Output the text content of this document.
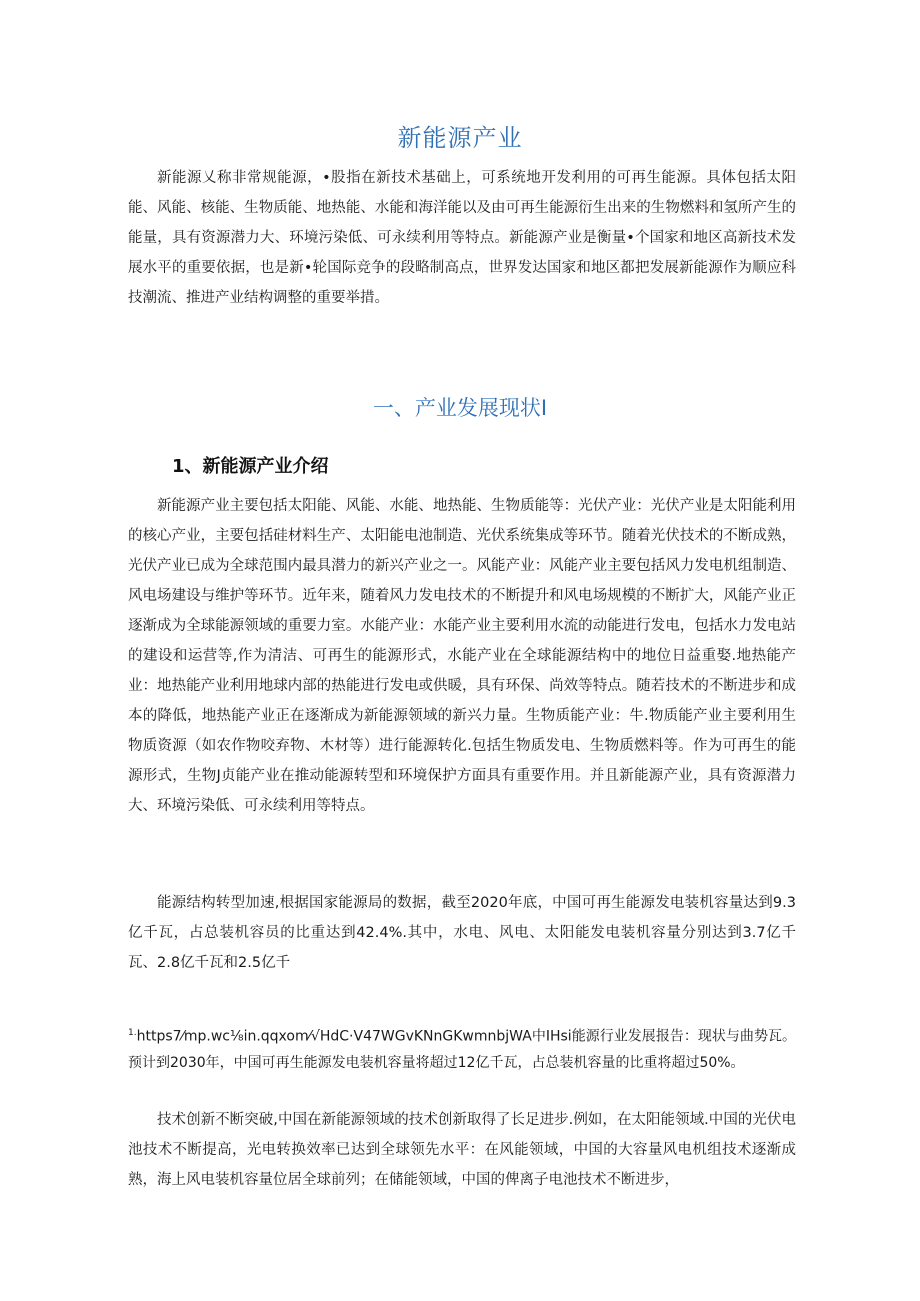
新能源产业

新能源乂称非常规能源，•股指在新技术基础上，可系统地开发利用的可再生能源。具体包括太阳能、风能、核能、生物质能、地热能、水能和海洋能以及由可再生能源衍生出来的生物燃料和氢所产生的能量，具有资源潜力大、环境污染低、可永续利用等特点。新能源产业是衡量•个国家和地区高新技术发展水平的重要依据，也是新•轮国际竞争的段略制高点，世界发达国家和地区都把发展新能源作为顺应科技潮流、推进产业结构调整的重要举措。

一、产业发展现状I
1、新能源产业介绍

新能源产业主要包括太阳能、风能、水能、地热能、生物质能等：光伏产业：光伏产业是太阳能利用的核心产业，主要包括硅材料生产、太阳能电池制造、光伏系统集成等环节。随着光伏技术的不断成熟，光伏产业已成为全球范围内最具潜力的新兴产业之一。风能产业：风能产业主要包括风力发电机组制造、风电场建设与维护等环节。近年来，随着风力发电技术的不断提升和风电场规模的不断扩大，风能产业正逐渐成为全球能源领域的重要力室。水能产业：水能产业主要利用水流的动能进行发电，包括水力发电站的建设和运营等,作为清洁、可再生的能源形式，水能产业在全球能源结构中的地位日益重娶.地热能产业：地热能产业利用地球内部的热能进行发电或供暖，具有环保、尚效等特点。随若技术的不断进步和成本的降低，地热能产业正在逐渐成为新能源领域的新兴力量。生物质能产业：牛.物质能产业主要利用生物质资源（如农作物咬弃物、木材等）进行能源转化.包括生物质发电、生物质燃料等。作为可再生的能源形式，生物J贞能产业在推动能源转型和环境保护方面具有重要作用。并且新能源产业，具有资源潜力大、环境污染低、可永续利用等特点。

能源结构转型加速,根据国家能源局的数据，截至2020年底，中国可再生能源发电装机容量达到9.3亿千瓦，占总装机容员的比重达到42.4%.其中，水电、风电、太阳能发电装机容量分别达到3.7亿千瓦、2.8亿千瓦和2.5亿千

$^{1.}$https7⁄mp.wc⅛in.qqxom⁄√HdC·V47WGvKNnGKwmnbjWA中IHsi能源行业发展报告：现状与曲势瓦。预计到2030年，中国可再生能源发电装机容量将超过12亿千瓦，占总装机容量的比重将超过50%。

技术创新不断突破,中国在新能源领域的技术创新取得了长足进步.例如，在太阳能领域.中国的光伏电池技术不断提高，光电转换效率已达到全球领先水平：在风能领域，中国的大容量风电机组技术逐渐成熟，海上风电装机容量位居全球前列；在储能领域，中国的俾离子电池技术不断进步，
